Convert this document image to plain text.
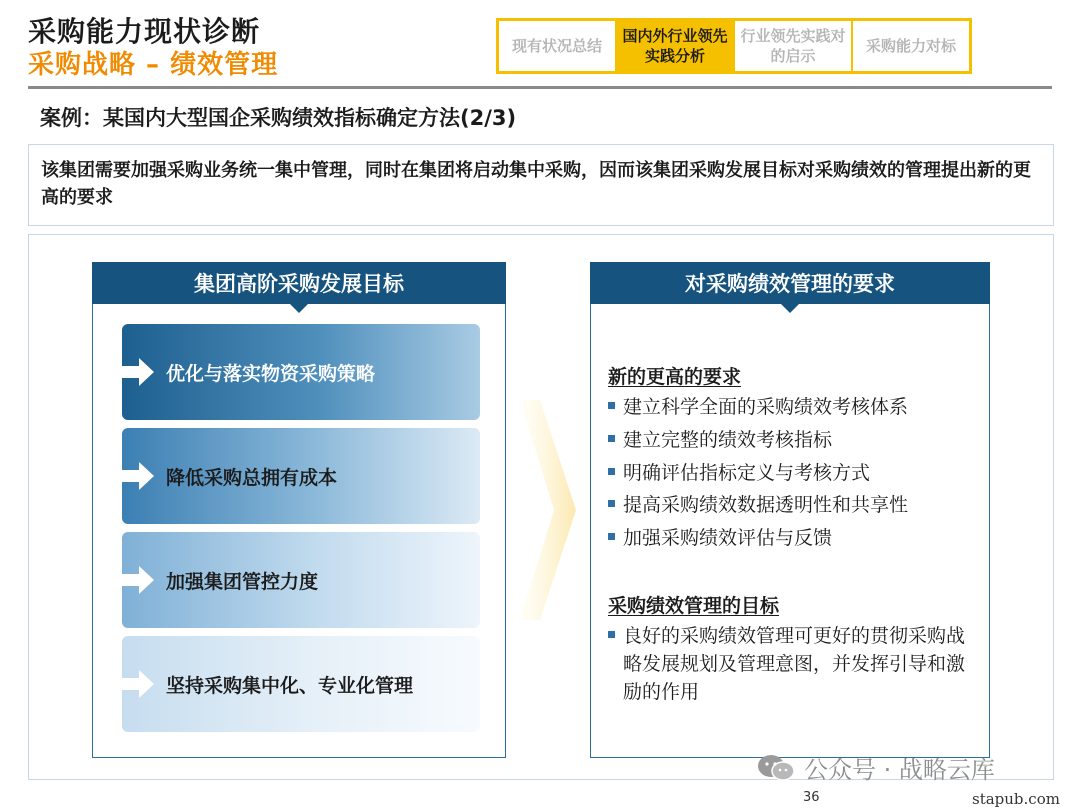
采购能力现状诊断
采购战略 – 绩效管理
现有状况总结
国内外行业领先实践分析
行业领先实践对的启示
采购能力对标
案例：某国内大型国企采购绩效指标确定方法(2/3)
该集团需要加强采购业务统一集中管理，同时在集团将启动集中采购，因而该集团采购发展目标对采购绩效的管理提出新的更高的要求
集团高阶采购发展目标
优化与落实物资采购策略
降低采购总拥有成本
加强集团管控力度
坚持采购集中化、专业化管理
对采购绩效管理的要求
新的更高的要求
建立科学全面的采购绩效考核体系
建立完整的绩效考核指标
明确评估指标定义与考核方式
提高采购绩效数据透明性和共享性
加强采购绩效评估与反馈
采购绩效管理的目标
良好的采购绩效管理可更好的贯彻采购战略发展规划及管理意图，并发挥引导和激励的作用
公众号 · 战略云库
36	stapub.com
